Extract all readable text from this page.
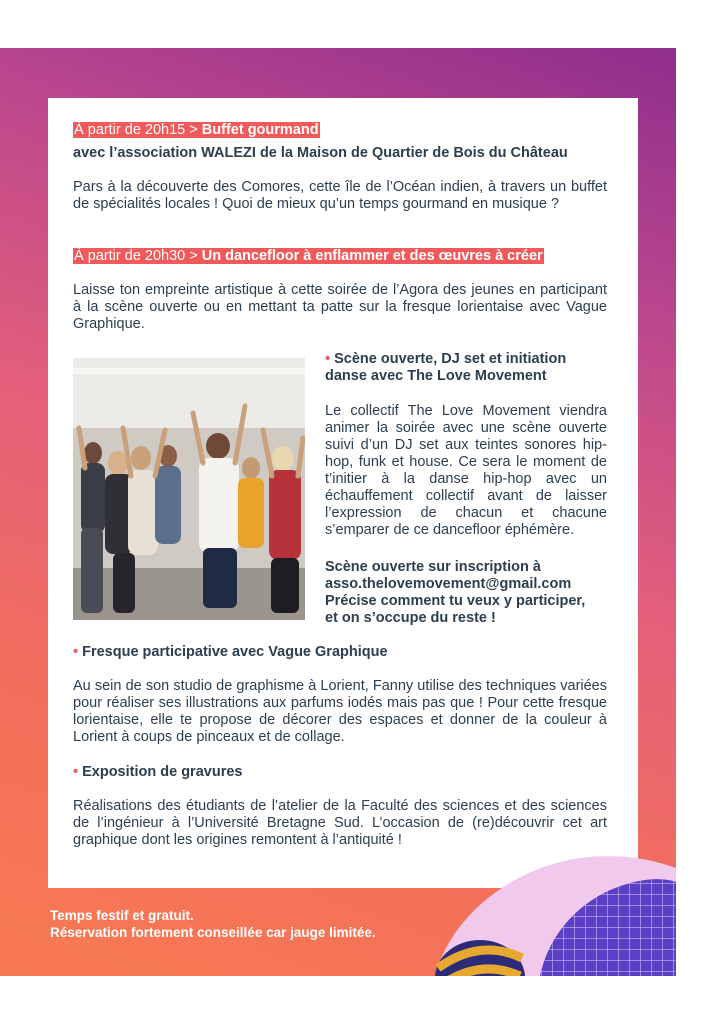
À partir de 20h15 > Buffet gourmand
avec l’association WALEZI de la Maison de Quartier de Bois du Château
Pars à la découverte des Comores, cette île de l’Océan indien, à travers un buffet de spécialités locales ! Quoi de mieux qu’un temps gourmand en musique ?
À partir de 20h30 > Un dancefloor à enflammer et des œuvres à créer
Laisse ton empreinte artistique à cette soirée de l’Agora des jeunes en participant à la scène ouverte ou en mettant ta patte sur la fresque lorientaise avec Vague Graphique.
• Scène ouverte, DJ set et initiation danse avec The Love Movement
Le collectif The Love Movement viendra animer la soirée avec une scène ouverte suivi d’un DJ set aux teintes sonores hip-hop, funk et house. Ce sera le moment de t’initier à la danse hip-hop avec un échauffement collectif avant de laisser l’expression de chacun et chacune s’emparer de ce dancefloor éphémère.
Scène ouverte sur inscription à
asso.thelovemovement@gmail.com
Précise comment tu veux y participer,
et on s’occupe du reste !
• Fresque participative avec Vague Graphique
Au sein de son studio de graphisme à Lorient, Fanny utilise des techniques variées pour réaliser ses illustrations aux parfums iodés mais pas que ! Pour cette fresque lorientaise, elle te propose de décorer des espaces et donner de la couleur à Lorient à coups de pinceaux et de collage.
• Exposition de gravures
Réalisations des étudiants de l’atelier de la Faculté des sciences et des sciences de l’ingénieur à l’Université Bretagne Sud. L’occasion de (re)découvrir cet art graphique dont les origines remontent à l’antiquité !
Temps festif et gratuit.
Réservation fortement conseillée car jauge limitée.
